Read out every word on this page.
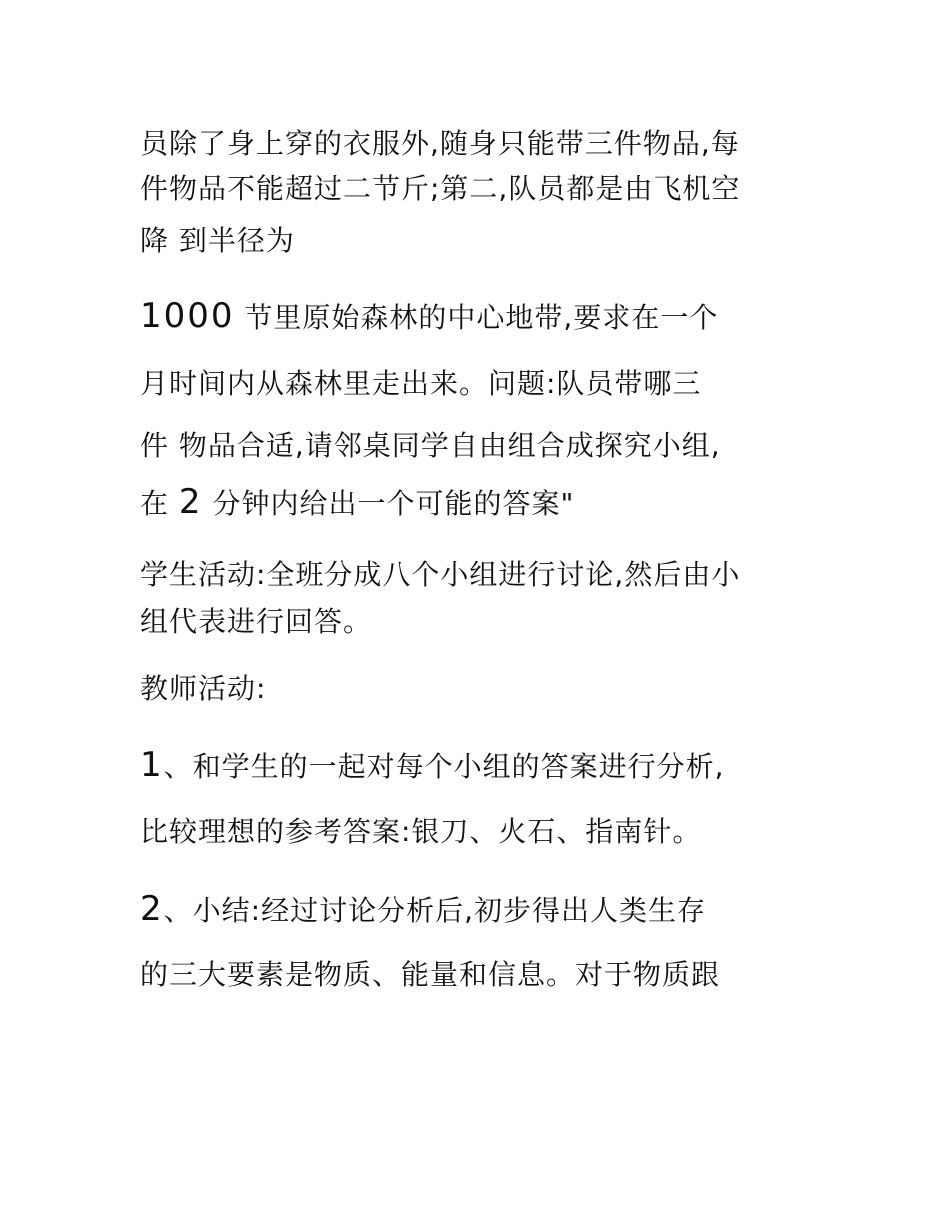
员除了身上穿的衣服外,随身只能带三件物品,每
件物品不能超过二节斤;第二,队员都是由飞机空
降 到半径为
1000 节里原始森林的中心地带,要求在一个
月时间内从森林里走出来。问题:队员带哪三
件 物品合适,请邻桌同学自由组合成探究小组,
在 2 分钟内给出一个可能的答案"
学生活动:全班分成八个小组进行讨论,然后由小
组代表进行回答。
教师活动:
1、和学生的一起对每个小组的答案进行分析,
比较理想的参考答案:银刀、火石、指南针。
2、小结:经过讨论分析后,初步得出人类生存
的三大要素是物质、能量和信息。对于物质跟
